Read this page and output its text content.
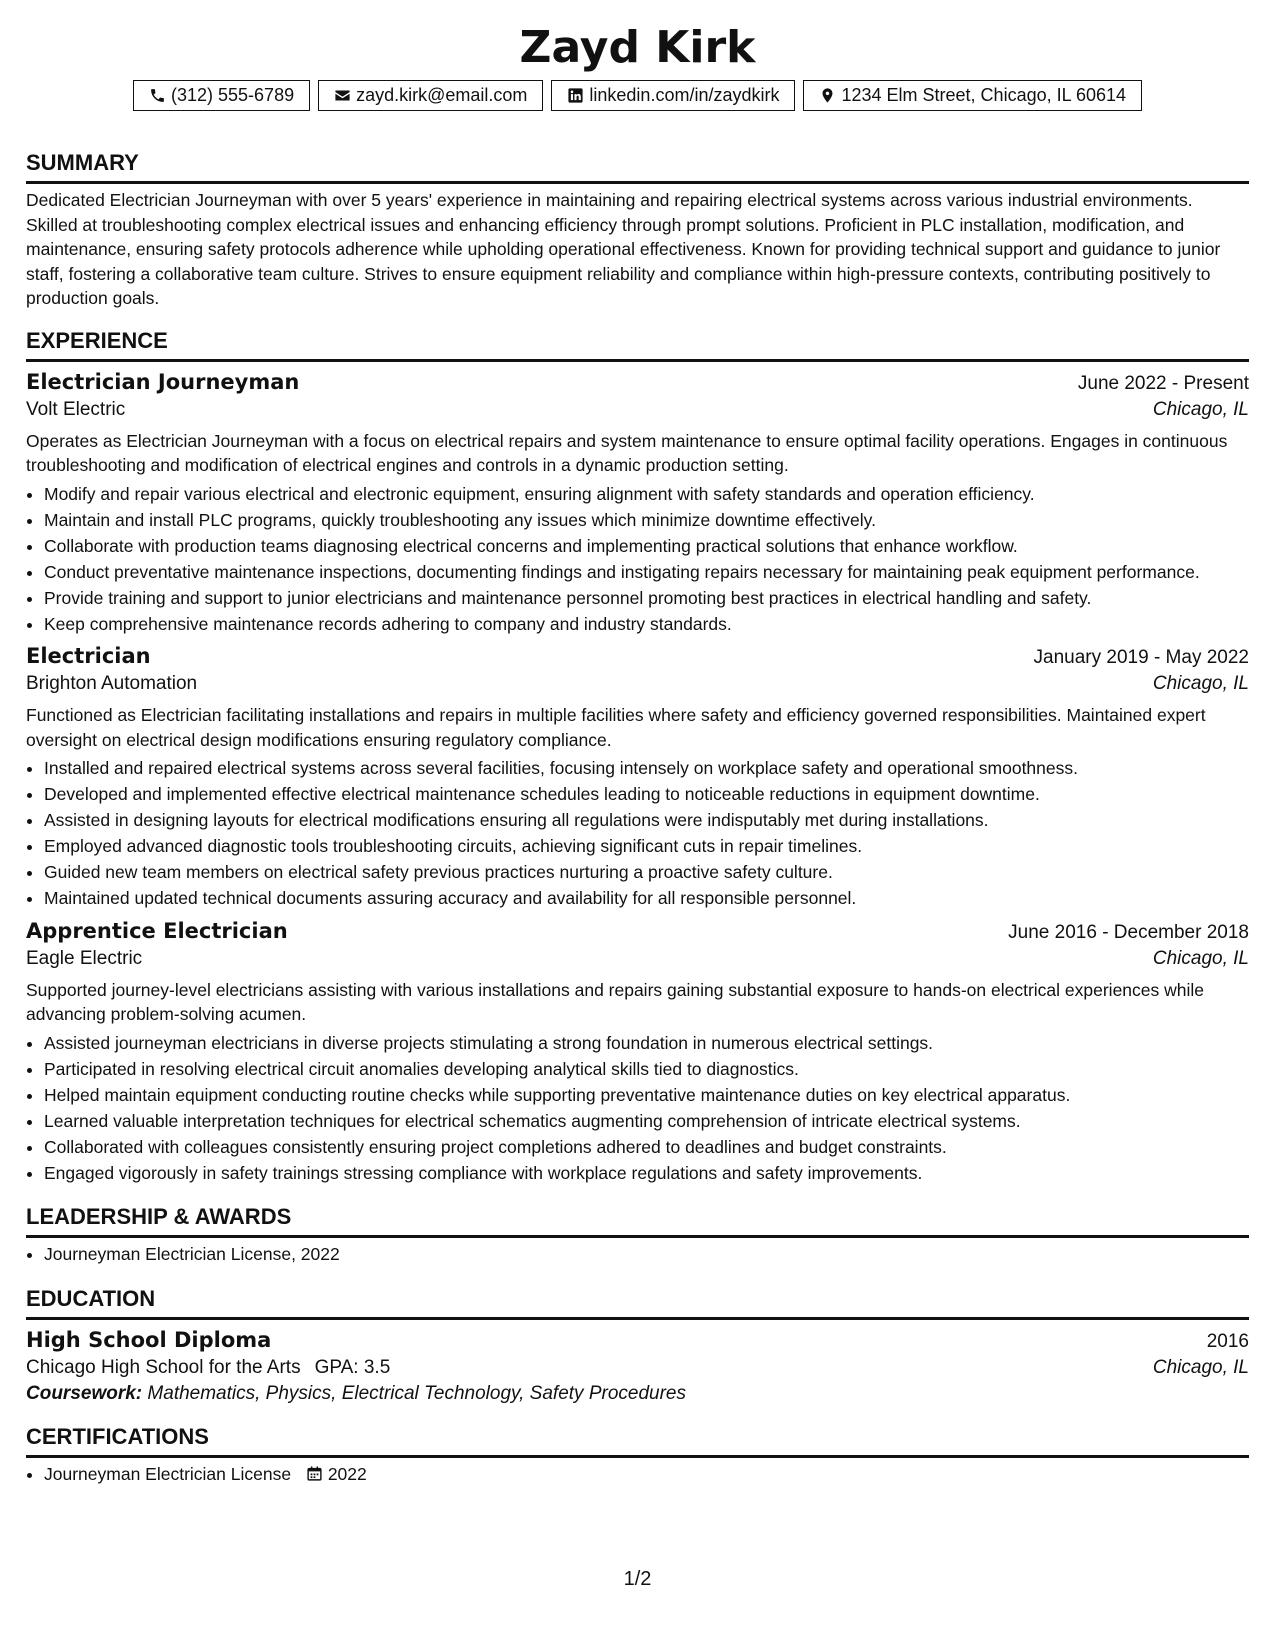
Zayd Kirk
(312) 555-6789	zayd.kirk@email.com	linkedin.com/in/zaydkirk	1234 Elm Street, Chicago, IL 60614
SUMMARY

Dedicated Electrician Journeyman with over 5 years' experience in maintaining and repairing electrical systems across various industrial environments. Skilled at troubleshooting complex electrical issues and enhancing efficiency through prompt solutions. Proficient in PLC installation, modification, and maintenance, ensuring safety protocols adherence while upholding operational effectiveness. Known for providing technical support and guidance to junior staff, fostering a collaborative team culture. Strives to ensure equipment reliability and compliance within high-pressure contexts, contributing positively to production goals.

EXPERIENCE
Electrician Journeyman	June 2022 - Present
Volt Electric	Chicago, IL

Operates as Electrician Journeyman with a focus on electrical repairs and system maintenance to ensure optimal facility operations. Engages in continuous troubleshooting and modification of electrical engines and controls in a dynamic production setting.

• Modify and repair various electrical and electronic equipment, ensuring alignment with safety standards and operation efficiency.
• Maintain and install PLC programs, quickly troubleshooting any issues which minimize downtime effectively.
• Collaborate with production teams diagnosing electrical concerns and implementing practical solutions that enhance workflow.
• Conduct preventative maintenance inspections, documenting findings and instigating repairs necessary for maintaining peak equipment performance.
• Provide training and support to junior electricians and maintenance personnel promoting best practices in electrical handling and safety.
• Keep comprehensive maintenance records adhering to company and industry standards.
Electrician	January 2019 - May 2022
Brighton Automation	Chicago, IL

Functioned as Electrician facilitating installations and repairs in multiple facilities where safety and efficiency governed responsibilities. Maintained expert oversight on electrical design modifications ensuring regulatory compliance.

• Installed and repaired electrical systems across several facilities, focusing intensely on workplace safety and operational smoothness.
• Developed and implemented effective electrical maintenance schedules leading to noticeable reductions in equipment downtime.
• Assisted in designing layouts for electrical modifications ensuring all regulations were indisputably met during installations.
• Employed advanced diagnostic tools troubleshooting circuits, achieving significant cuts in repair timelines.
• Guided new team members on electrical safety previous practices nurturing a proactive safety culture.
• Maintained updated technical documents assuring accuracy and availability for all responsible personnel.
Apprentice Electrician	June 2016 - December 2018
Eagle Electric	Chicago, IL

Supported journey-level electricians assisting with various installations and repairs gaining substantial exposure to hands-on electrical experiences while advancing problem-solving acumen.

• Assisted journeyman electricians in diverse projects stimulating a strong foundation in numerous electrical settings.
• Participated in resolving electrical circuit anomalies developing analytical skills tied to diagnostics.
• Helped maintain equipment conducting routine checks while supporting preventative maintenance duties on key electrical apparatus.
• Learned valuable interpretation techniques for electrical schematics augmenting comprehension of intricate electrical systems.
• Collaborated with colleagues consistently ensuring project completions adhered to deadlines and budget constraints.
• Engaged vigorously in safety trainings stressing compliance with workplace regulations and safety improvements.
LEADERSHIP & AWARDS
• Journeyman Electrician License, 2022
EDUCATION
High School Diploma	2016
Chicago High School for the Arts GPA: 3.5	Chicago, IL
Coursework: Mathematics, Physics, Electrical Technology, Safety Procedures
CERTIFICATIONS
• Journeyman Electrician License 2022
1/2
